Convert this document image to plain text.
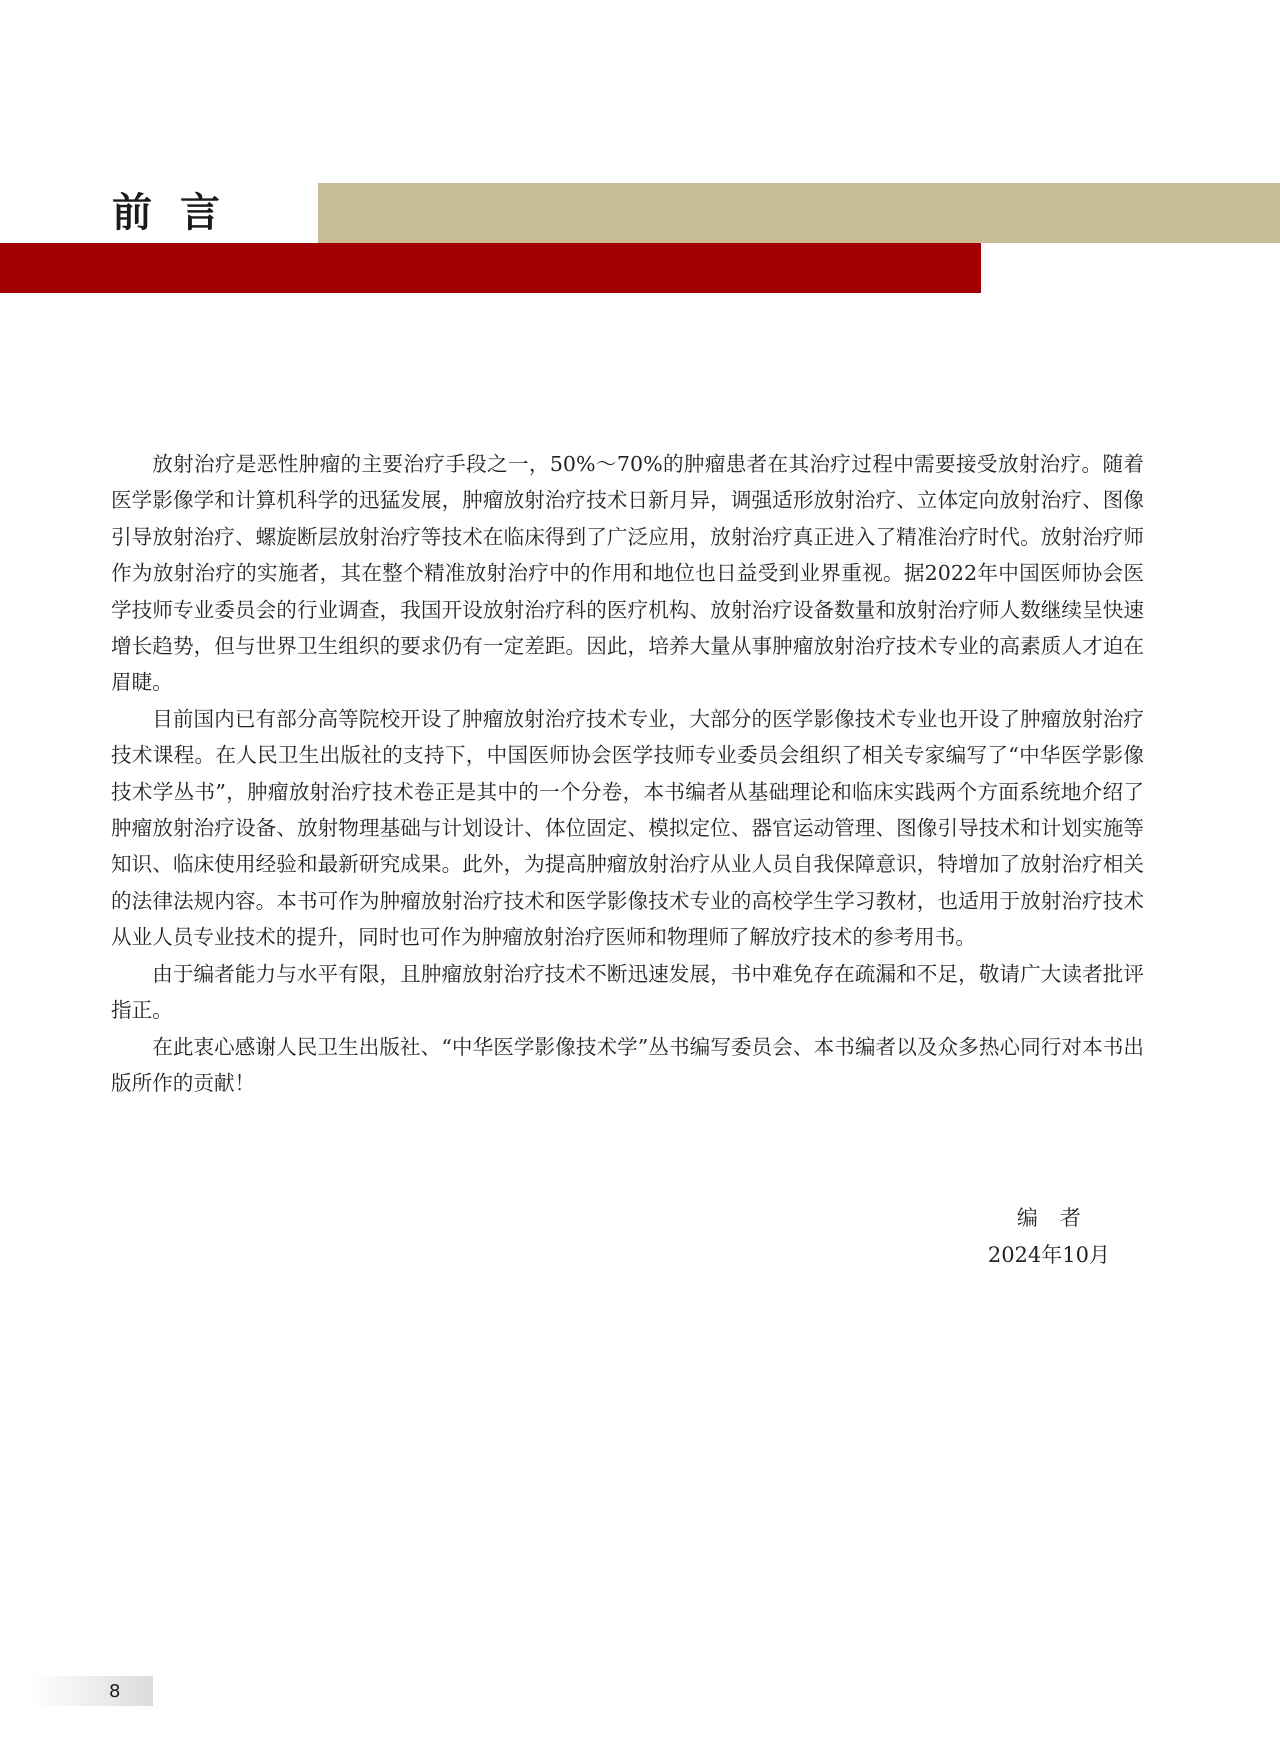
前言

放射治疗是恶性肿瘤的主要治疗手段之一，50%～70%的肿瘤患者在其治疗过程中需要接受放射治疗。随着医学影像学和计算机科学的迅猛发展，肿瘤放射治疗技术日新月异，调强适形放射治疗、立体定向放射治疗、图像引导放射治疗、螺旋断层放射治疗等技术在临床得到了广泛应用，放射治疗真正进入了精准治疗时代。放射治疗师作为放射治疗的实施者，其在整个精准放射治疗中的作用和地位也日益受到业界重视。据2022年中国医师协会医学技师专业委员会的行业调查，我国开设放射治疗科的医疗机构、放射治疗设备数量和放射治疗师人数继续呈快速增长趋势，但与世界卫生组织的要求仍有一定差距。因此，培养大量从事肿瘤放射治疗技术专业的高素质人才迫在眉睫。

目前国内已有部分高等院校开设了肿瘤放射治疗技术专业，大部分的医学影像技术专业也开设了肿瘤放射治疗技术课程。在人民卫生出版社的支持下，中国医师协会医学技师专业委员会组织了相关专家编写了“中华医学影像技术学丛书”，肿瘤放射治疗技术卷正是其中的一个分卷，本书编者从基础理论和临床实践两个方面系统地介绍了肿瘤放射治疗设备、放射物理基础与计划设计、体位固定、模拟定位、器官运动管理、图像引导技术和计划实施等知识、临床使用经验和最新研究成果。此外，为提高肿瘤放射治疗从业人员自我保障意识，特增加了放射治疗相关的法律法规内容。本书可作为肿瘤放射治疗技术和医学影像技术专业的高校学生学习教材，也适用于放射治疗技术从业人员专业技术的提升，同时也可作为肿瘤放射治疗医师和物理师了解放疗技术的参考用书。

由于编者能力与水平有限，且肿瘤放射治疗技术不断迅速发展，书中难免存在疏漏和不足，敬请广大读者批评指正。

在此衷心感谢人民卫生出版社、“中华医学影像技术学”丛书编写委员会、本书编者以及众多热心同行对本书出版所作的贡献！

编者
2024年10月
8
